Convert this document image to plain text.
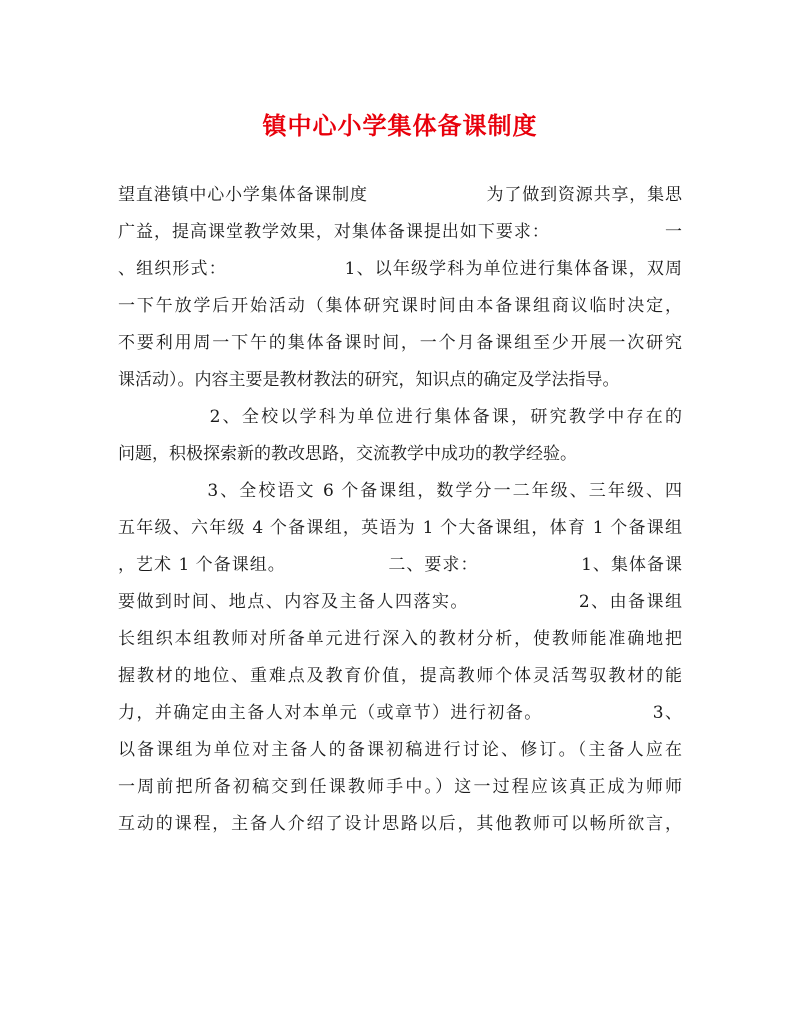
镇中心小学集体备课制度
望直港镇中心小学集体备课制度                   为了做到资源共享，集思
广益，提高课堂教学效果，对集体备课提出如下要求：                  一
、组织形式：                  1、以年级学科为单位进行集体备课，双周
一下午放学后开始活动（集体研究课时间由本备课组商议临时决定，
不要利用周一下午的集体备课时间，一个月备课组至少开展一次研究
课活动）。内容主要是教材教法的研究，知识点的确定及学法指导。
2、全校以学科为单位进行集体备课，研究教学中存在的
问题，积极探索新的教改思路，交流教学中成功的教学经验。
3、全校语文 6 个备课组，数学分一二年级、三年级、四
五年级、六年级 4 个备课组，英语为 1 个大备课组，体育 1 个备课组
，艺术 1 个备课组。                二、要求：                1、集体备课
要做到时间、地点、内容及主备人四落实。                2、由备课组
长组织本组教师对所备单元进行深入的教材分析，使教师能准确地把
握教材的地位、重难点及教育价值，提高教师个体灵活驾驭教材的能
力，并确定由主备人对本单元（或章节）进行初备。                3、
以备课组为单位对主备人的备课初稿进行讨论、修订。（主备人应在
一周前把所备初稿交到任课教师手中。）这一过程应该真正成为师师
互动的课程，主备人介绍了设计思路以后，其他教师可以畅所欲言，
